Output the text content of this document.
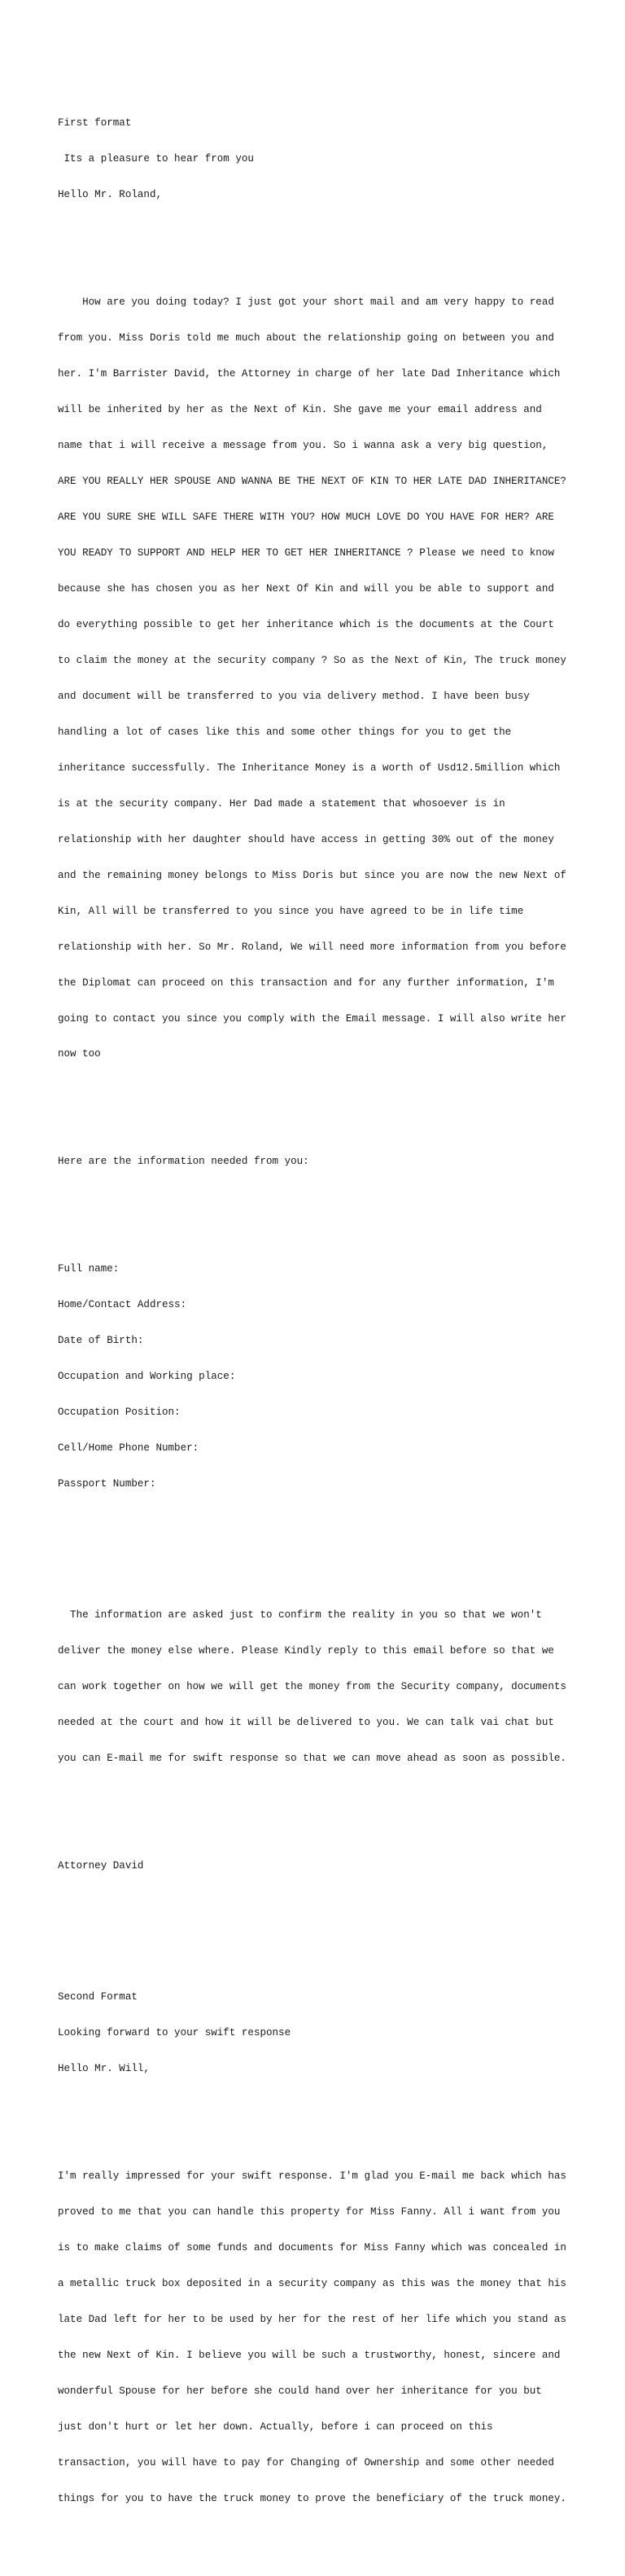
First format

Its a pleasure to hear from you

Hello Mr. Roland,

How are you doing today? I just got your short mail and am very happy to read

from you. Miss Doris told me much about the relationship going on between you and

her. I'm Barrister David, the Attorney in charge of her late Dad Inheritance which

will be inherited by her as the Next of Kin. She gave me your email address and

name that i will receive a message from you. So i wanna ask a very big question,

ARE YOU REALLY HER SPOUSE AND WANNA BE THE NEXT OF KIN TO HER LATE DAD INHERITANCE?

ARE YOU SURE SHE WILL SAFE THERE WITH YOU? HOW MUCH LOVE DO YOU HAVE FOR HER? ARE

YOU READY TO SUPPORT AND HELP HER TO GET HER INHERITANCE ? Please we need to know

because she has chosen you as her Next Of Kin and will you be able to support and

do everything possible to get her inheritance which is the documents at the Court

to claim the money at the security company ? So as the Next of Kin, The truck money

and document will be transferred to you via delivery method. I have been busy

handling a lot of cases like this and some other things for you to get the

inheritance successfully. The Inheritance Money is a worth of Usd12.5million which

is at the security company. Her Dad made a statement that whosoever is in

relationship with her daughter should have access in getting 30% out of the money

and the remaining money belongs to Miss Doris but since you are now the new Next of

Kin, All will be transferred to you since you have agreed to be in life time

relationship with her. So Mr. Roland, We will need more information from you before

the Diplomat can proceed on this transaction and for any further information, I'm

going to contact you since you comply with the Email message. I will also write her

now too

Here are the information needed from you:

Full name:

Home/Contact Address:

Date of Birth:

Occupation and Working place:

Occupation Position:

Cell/Home Phone Number:

Passport Number:

The information are asked just to confirm the reality in you so that we won't

deliver the money else where. Please Kindly reply to this email before so that we

can work together on how we will get the money from the Security company, documents

needed at the court and how it will be delivered to you. We can talk vai chat but

you can E-mail me for swift response so that we can move ahead as soon as possible.

Attorney David

Second Format

Looking forward to your swift response

Hello Mr. Will,

I'm really impressed for your swift response. I'm glad you E-mail me back which has

proved to me that you can handle this property for Miss Fanny. All i want from you

is to make claims of some funds and documents for Miss Fanny which was concealed in

a metallic truck box deposited in a security company as this was the money that his

late Dad left for her to be used by her for the rest of her life which you stand as

the new Next of Kin. I believe you will be such a trustworthy, honest, sincere and

wonderful Spouse for her before she could hand over her inheritance for you but

just don't hurt or let her down. Actually, before i can proceed on this

transaction, you will have to pay for Changing of Ownership and some other needed

things for you to have the truck money to prove the beneficiary of the truck money.
